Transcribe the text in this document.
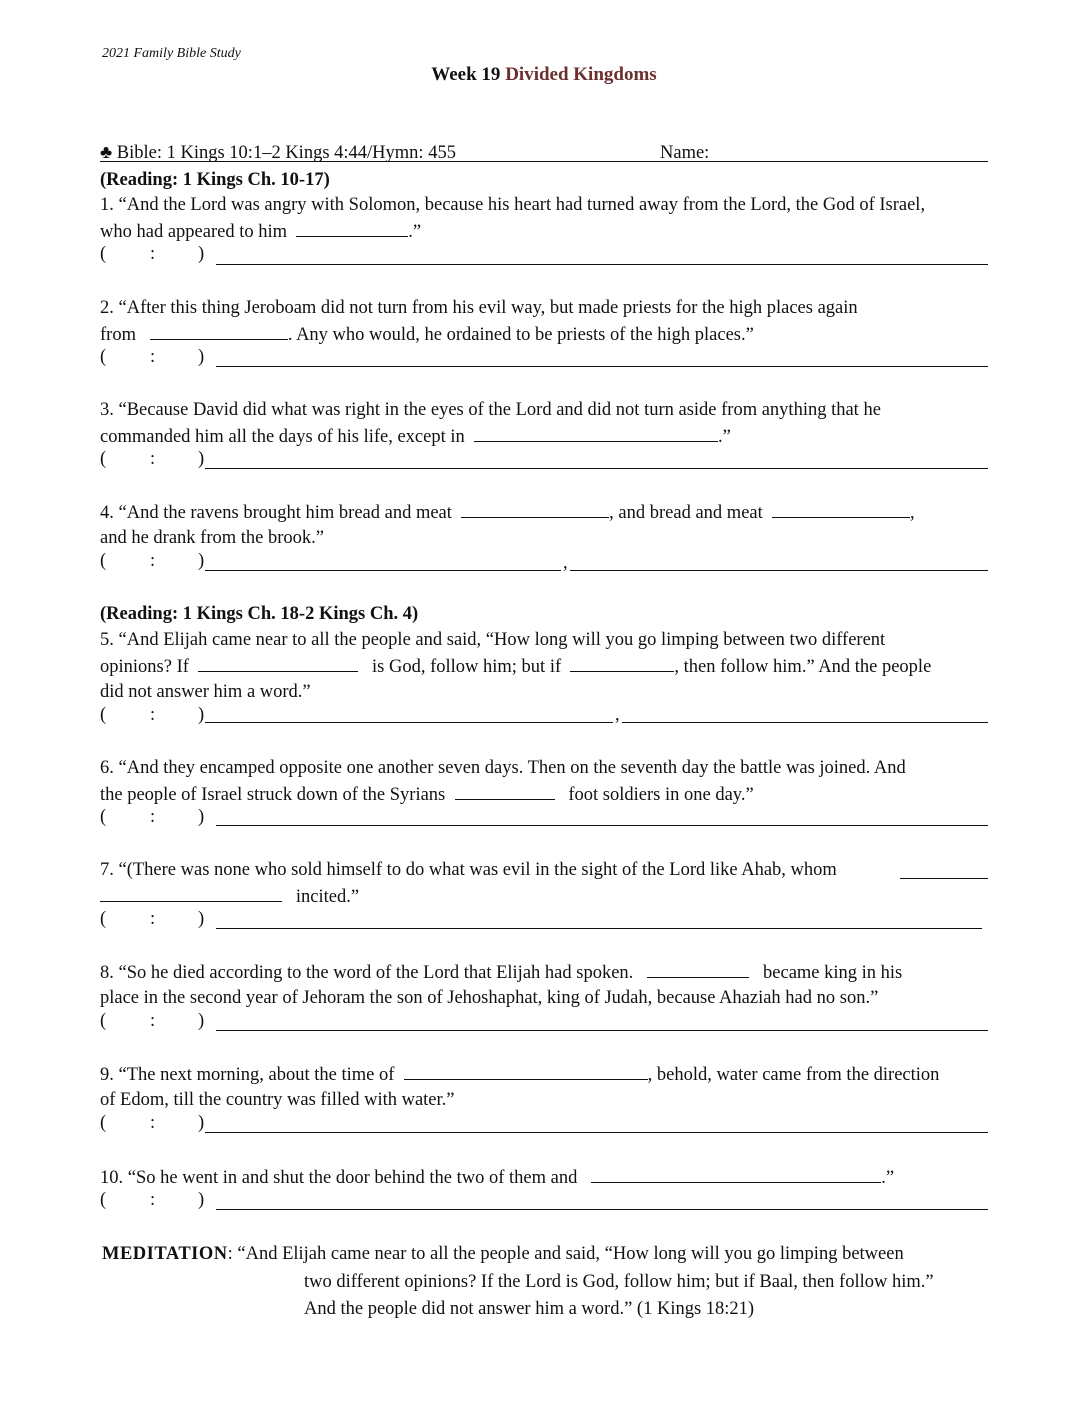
2021 Family Bible Study
Week 19 Divided Kingdoms
♣ Bible: 1 Kings 10:1–2 Kings 4:44/Hymn: 455	Name:
(Reading: 1 Kings Ch. 10-17)
1. “And the Lord was angry with Solomon, because his heart had turned away from the Lord, the God of Israel,
who had appeared to him	.”
( : )
2. “After this thing Jeroboam did not turn from his evil way, but made priests for the high places again
from	. Any who would, he ordained to be priests of the high places.”
( : )
3. “Because David did what was right in the eyes of the Lord and did not turn aside from anything that he
commanded him all the days of his life, except in	.”
( : )
4. “And the ravens brought him bread and meat	, and bread and meat	,
and he drank from the brook.”
( : )	,
(Reading: 1 Kings Ch. 18-2 Kings Ch. 4)
5. “And Elijah came near to all the people and said, “How long will you go limping between two different
opinions? If	is God, follow him; but if	, then follow him.” And the people
did not answer him a word.”
( : )	,
6. “And they encamped opposite one another seven days. Then on the seventh day the battle was joined. And
the people of Israel struck down of the Syrians	foot soldiers in one day.”
( : )
7. “(There was none who sold himself to do what was evil in the sight of the Lord like Ahab, whom
incited.”
( : )
8. “So he died according to the word of the Lord that Elijah had spoken.	became king in his
place in the second year of Jehoram the son of Jehoshaphat, king of Judah, because Ahaziah had no son.”
( : )
9. “The next morning, about the time of	, behold, water came from the direction
of Edom, till the country was filled with water.”
( : )
10. “So he went in and shut the door behind the two of them and	.”
( : )
MEDITATION: “And Elijah came near to all the people and said, “How long will you go limping between
two different opinions? If the Lord is God, follow him; but if Baal, then follow him.”
And the people did not answer him a word.” (1 Kings 18:21)
